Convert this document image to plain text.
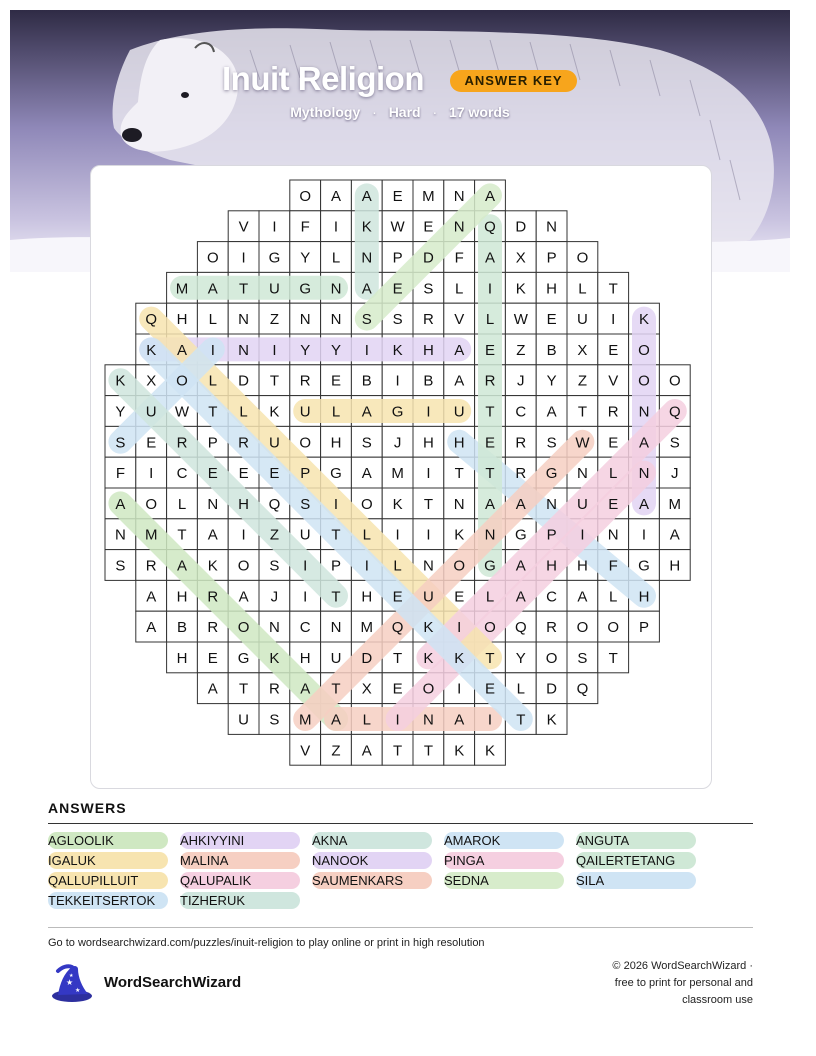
Inuit Religion	ANSWER KEY
Mythology · Hard · 17 words
O A A E M N A
V I F I K W E N Q D N
O I G Y L N P D F A X P O
M A T U G N A E S L I K H L T
Q H L N Z N N S S R V L W E U I K
K A I N I Y Y I K H A E Z B X E O
K X O L D T R E B I B A R J Y Z V O O
Y U W T L K U L A G I U T C A T R N Q
S E R P R U O H S J H H E R S W E A S
F I C E E E P G A M I T T R G N L N J
A O L N H Q S I O K T N A A N U E A M
N M T A I Z U T L I I K N G P I N I A
S R A K O S I P I L N O G A H H F G H
A H R A J I T H E U E L A C A L H
A B R O N C N M Q K I O Q R O O P
H E G K H U D T K K T Y O S T
A T R A T X E O I E L D Q
U S M A L I N A I T K
V Z A T T K K
ANSWERS
AGLOOLIK	AHKIYYINI	AKNA	AMAROK	ANGUTA
IGALUK	MALINA	NANOOK	PINGA	QAILERTETANG
QALLUPILLUIT	QALUPALIK	SAUMENKARS	SEDNA	SILA
TEKKEITSERTOK	TIZHERUK
Go to wordsearchwizard.com/puzzles/inuit-religion to play online or print in high resolution
★
★
★ WordSearchWizard
© 2026 WordSearchWizard ·
free to print for personal and
classroom use
